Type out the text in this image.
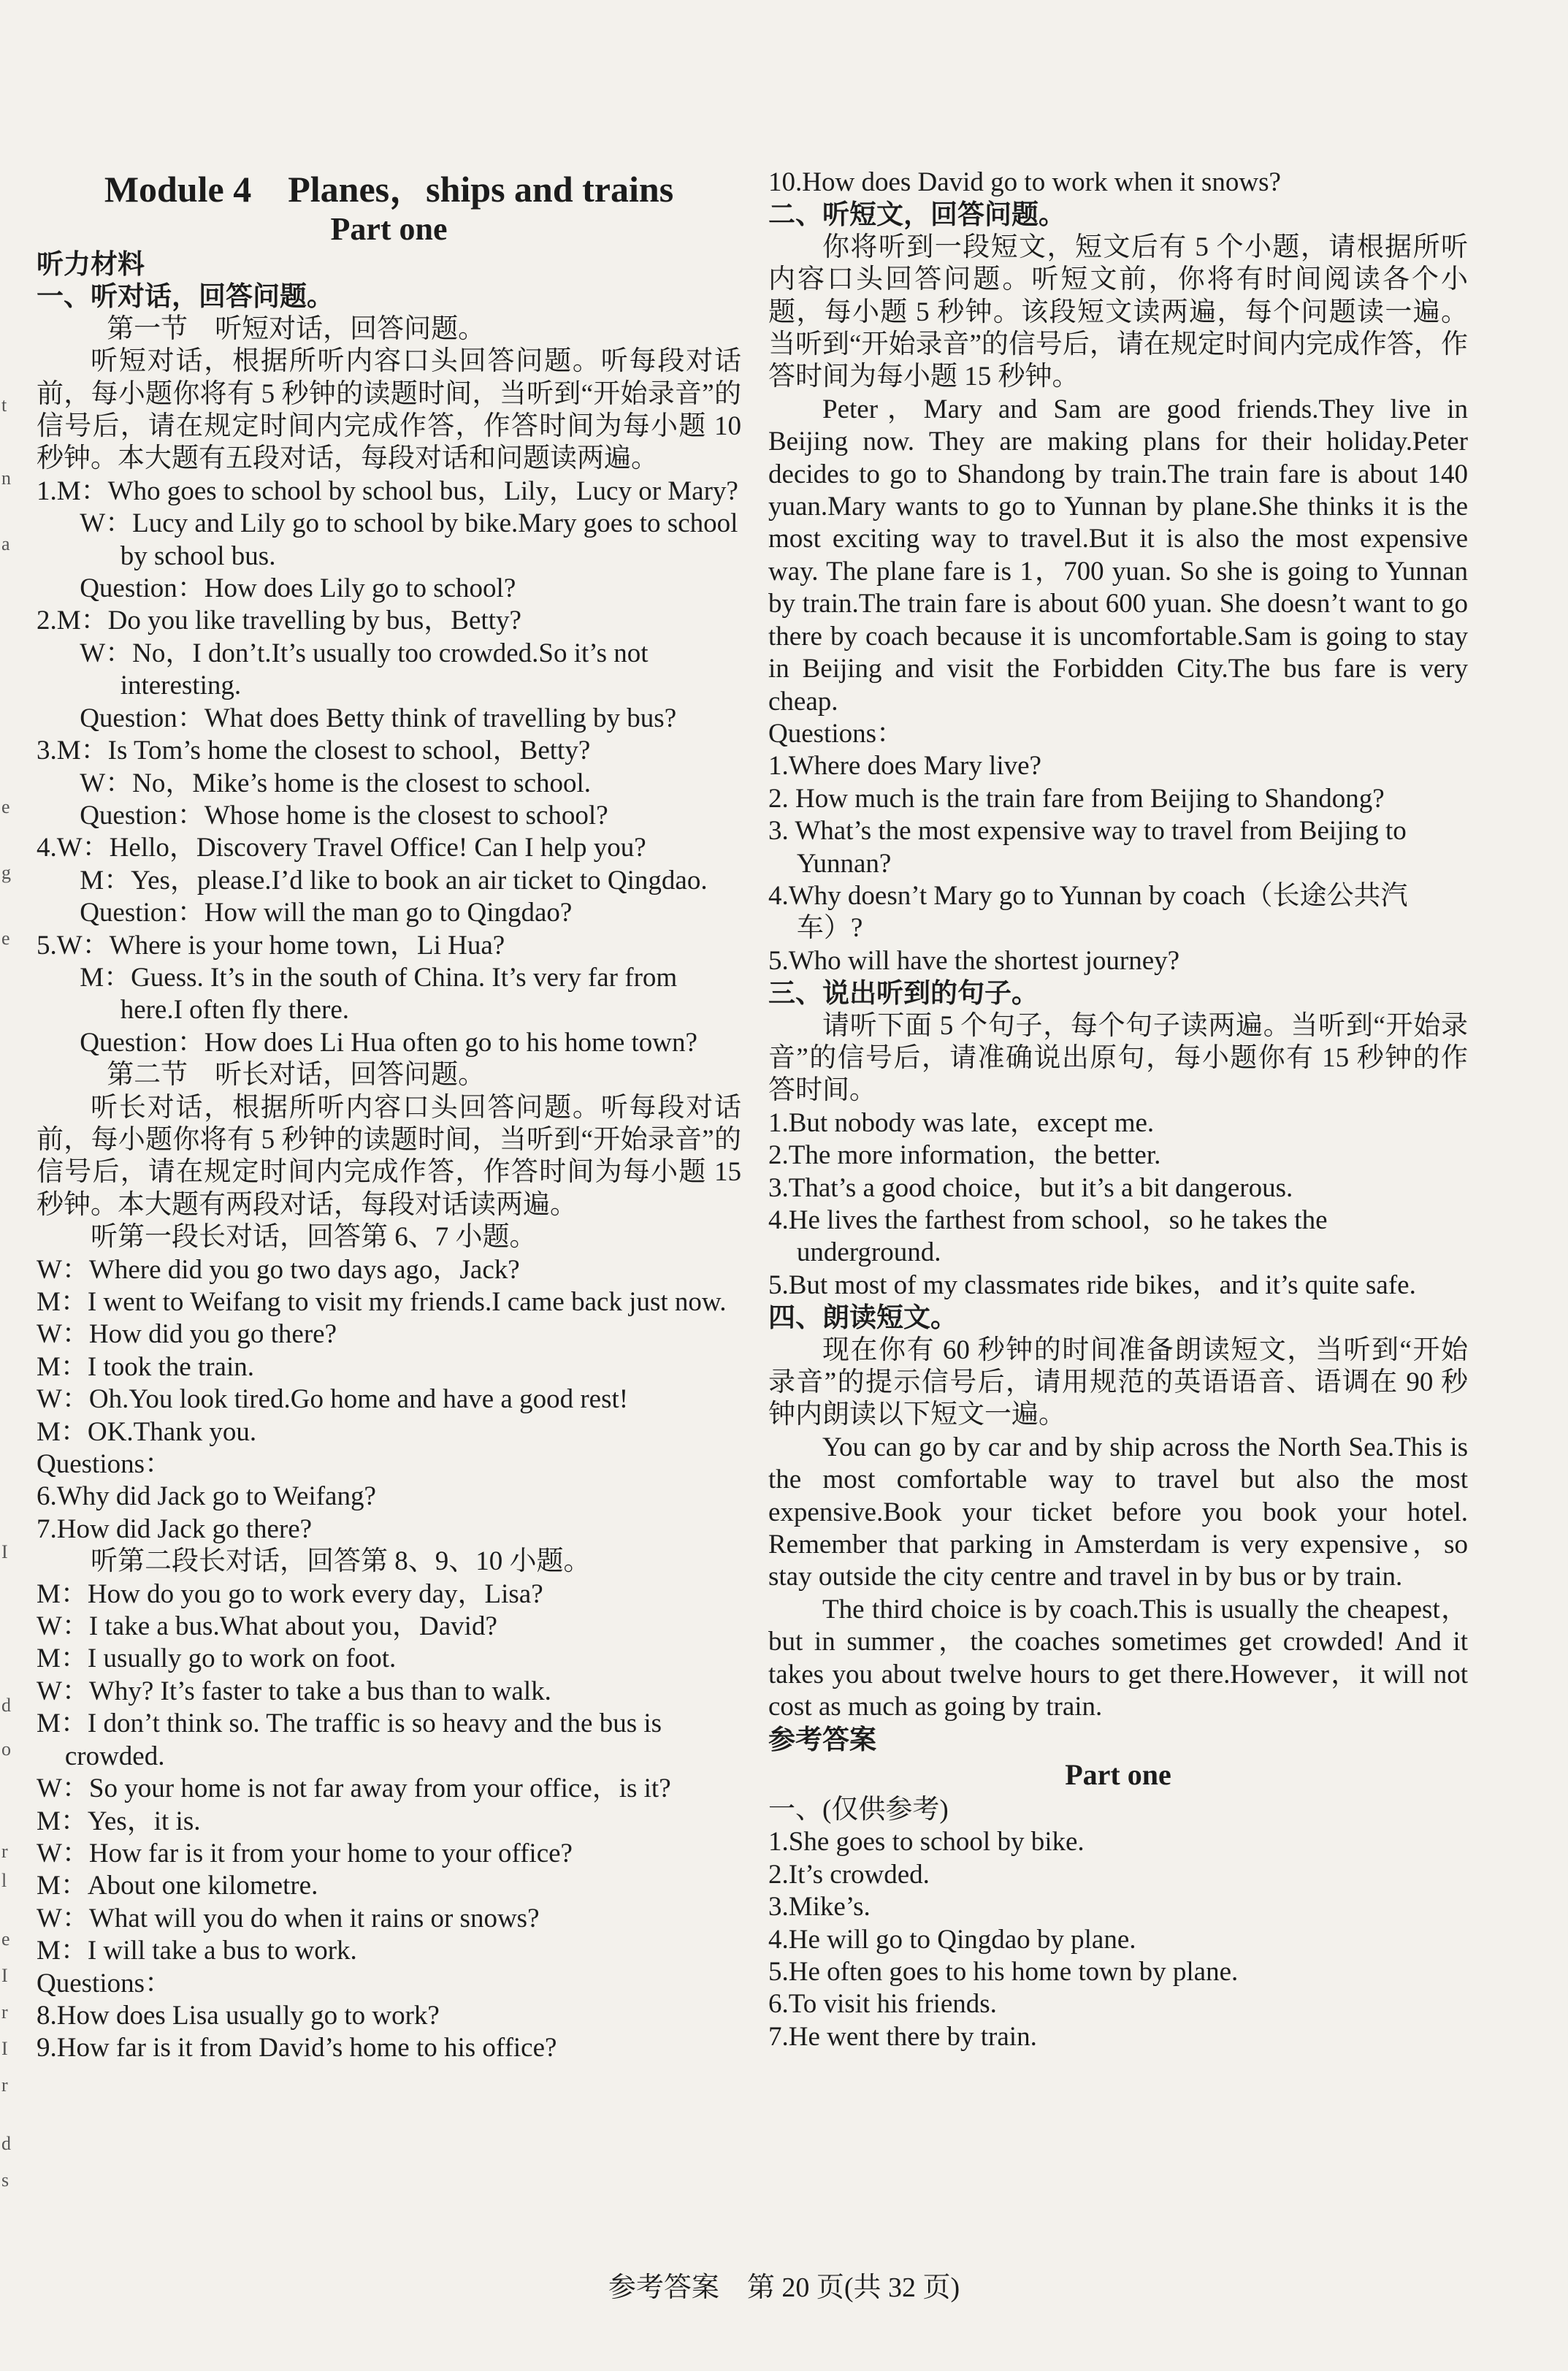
t
n
a
e
g
e
I
d
o
r
l
e
I
r
I
r
d
s
Module 4　Planes，ships and trains
Part one
听力材料
一、听对话，回答问题。
第一节　听短对话，回答问题。
听短对话，根据所听内容口头回答问题。听每段对话前，每小题你将有 5 秒钟的读题时间，当听到“开始录音”的信号后，请在规定时间内完成作答，作答时间为每小题 10 秒钟。本大题有五段对话，每段对话和问题读两遍。
1.M：Who goes to school by school bus，Lily，Lucy or Mary?
W：Lucy and Lily go to school by bike.Mary goes to school by school bus.
Question：How does Lily go to school?
2.M：Do you like travelling by bus，Betty?
W：No，I don’t.It’s usually too crowded.So it’s not interesting.
Question：What does Betty think of travelling by bus?
3.M：Is Tom’s home the closest to school，Betty?
W：No，Mike’s home is the closest to school.
Question：Whose home is the closest to school?
4.W：Hello，Discovery Travel Office! Can I help you?
M：Yes，please.I’d like to book an air ticket to Qingdao.
Question：How will the man go to Qingdao?
5.W：Where is your home town，Li Hua?
M：Guess. It’s in the south of China. It’s very far from here.I often fly there.
Question：How does Li Hua often go to his home town?
第二节　听长对话，回答问题。
听长对话，根据所听内容口头回答问题。听每段对话前，每小题你将有 5 秒钟的读题时间，当听到“开始录音”的信号后，请在规定时间内完成作答，作答时间为每小题 15 秒钟。本大题有两段对话，每段对话读两遍。
听第一段长对话，回答第 6、7 小题。
W：Where did you go two days ago，Jack?
M：I went to Weifang to visit my friends.I came back just now.
W：How did you go there?
M：I took the train.
W：Oh.You look tired.Go home and have a good rest!
M：OK.Thank you.
Questions：
6.Why did Jack go to Weifang?
7.How did Jack go there?
听第二段长对话，回答第 8、9、10 小题。
M：How do you go to work every day，Lisa?
W：I take a bus.What about you，David?
M：I usually go to work on foot.
W：Why? It’s faster to take a bus than to walk.
M：I don’t think so. The traffic is so heavy and the bus is crowded.
W：So your home is not far away from your office，is it?
M：Yes，it is.
W：How far is it from your home to your office?
M：About one kilometre.
W：What will you do when it rains or snows?
M：I will take a bus to work.
Questions：
8.How does Lisa usually go to work?
9.How far is it from David’s home to his office?
10.How does David go to work when it snows?
二、听短文，回答问题。
你将听到一段短文，短文后有 5 个小题，请根据所听内容口头回答问题。听短文前，你将有时间阅读各个小题，每小题 5 秒钟。该段短文读两遍，每个问题读一遍。当听到“开始录音”的信号后，请在规定时间内完成作答，作答时间为每小题 15 秒钟。
Peter，Mary and Sam are good friends.They live in Beijing now. They are making plans for their holiday.Peter decides to go to Shandong by train.The train fare is about 140 yuan.Mary wants to go to Yunnan by plane.She thinks it is the most exciting way to travel.But it is also the most expensive way. The plane fare is 1，700 yuan. So she is going to Yunnan by train.The train fare is about 600 yuan. She doesn’t want to go there by coach because it is uncomfortable.Sam is going to stay in Beijing and visit the Forbidden City.The bus fare is very cheap.
Questions：
1.Where does Mary live?
2. How much is the train fare from Beijing to Shandong?
3. What’s the most expensive way to travel from Beijing to Yunnan?
4.Why doesn’t Mary go to Yunnan by coach（长途公共汽车）?
5.Who will have the shortest journey?
三、说出听到的句子。
请听下面 5 个句子，每个句子读两遍。当听到“开始录音”的信号后，请准确说出原句，每小题你有 15 秒钟的作答时间。
1.But nobody was late，except me.
2.The more information，the better.
3.That’s a good choice，but it’s a bit dangerous.
4.He lives the farthest from school，so he takes the underground.
5.But most of my classmates ride bikes，and it’s quite safe.
四、朗读短文。
现在你有 60 秒钟的时间准备朗读短文，当听到“开始录音”的提示信号后，请用规范的英语语音、语调在 90 秒钟内朗读以下短文一遍。
You can go by car and by ship across the North Sea.This is the most comfortable way to travel but also the most expensive.Book your ticket before you book your hotel. Remember that parking in Amsterdam is very expensive，so stay outside the city centre and travel in by bus or by train.
The third choice is by coach.This is usually the cheapest，but in summer，the coaches sometimes get crowded! And it takes you about twelve hours to get there.However，it will not cost as much as going by train.
参考答案
Part one
一、(仅供参考)
1.She goes to school by bike.
2.It’s crowded.
3.Mike’s.
4.He will go to Qingdao by plane.
5.He often goes to his home town by plane.
6.To visit his friends.
7.He went there by train.
参考答案　第 20 页(共 32 页)
